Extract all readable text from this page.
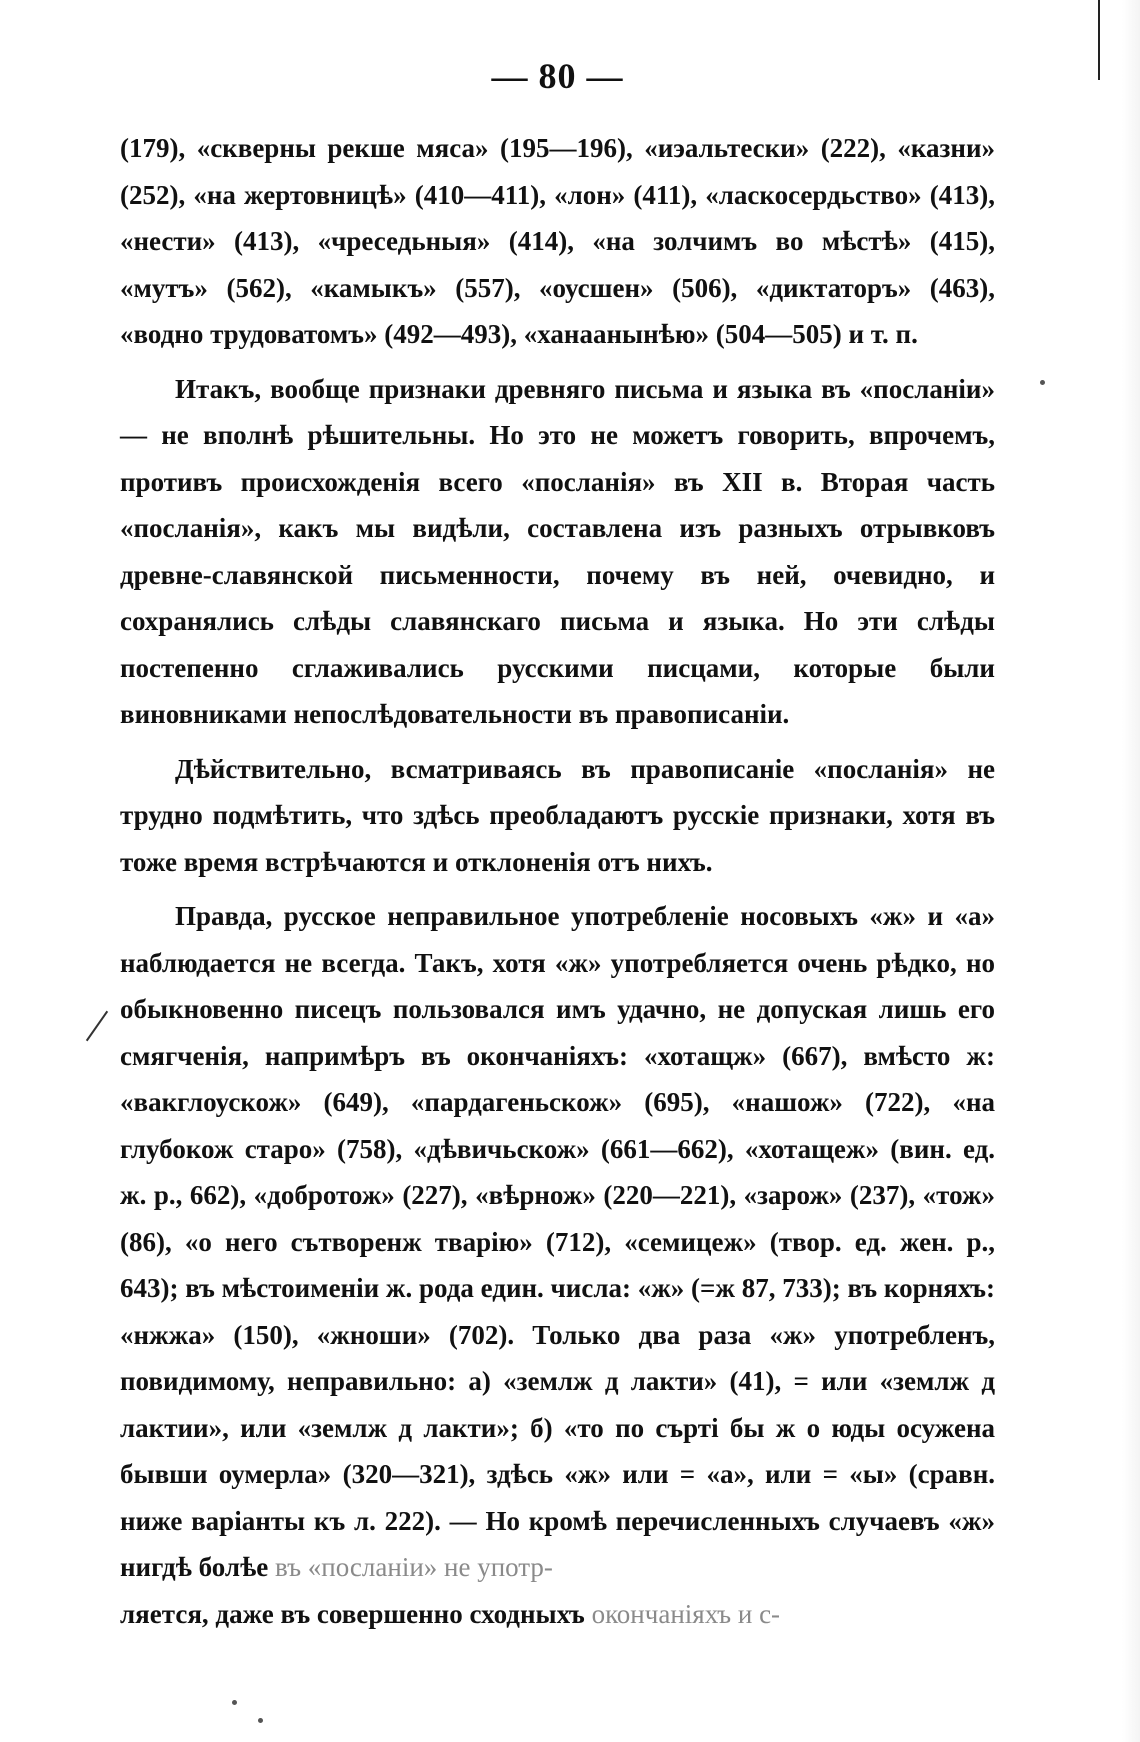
— 80 —

(179), «скверны рекше мяса» (195—196), «иэальтески» (222), «казни» (252), «на жертовницѣ» (410—411), «лон» (411), «ласкосердьство» (413), «нести» (413), «чреседьныя» (414), «на золчимъ во мѣстѣ» (415), «мутъ» (562), «камыкъ» (557), «оусшен» (506), «диктаторъ» (463), «водно трудоватомъ» (492—493), «ханаанынѣю» (504—505) и т. п.

Итакъ, вообще признаки древняго письма и языка въ «посланіи» — не вполнѣ рѣшительны. Но это не можетъ говорить, впрочемъ, противъ происхожденія всего «посланія» въ XII в. Вторая часть «посланія», какъ мы видѣли, составлена изъ разныхъ отрывковъ древне-славянской письменности, почему въ ней, очевидно, и сохранялись слѣды славянскаго письма и языка. Но эти слѣды постепенно сглаживались русскими писцами, которые были виновниками непослѣдовательности въ правописаніи.

Дѣйствительно, всматриваясь въ правописаніе «посланія» не трудно подмѣтить, что здѣсь преобладаютъ русскіе признаки, хотя въ тоже время встрѣчаются и отклоненія отъ нихъ.

Правда, русское неправильное употребленіе носовыхъ «ж» и «а» наблюдается не всегда. Такъ, хотя «ж» употребляется очень рѣдко, но обыкновенно писецъ пользовался имъ удачно, не допуская лишь его смягченія, напримѣръ въ окончаніяхъ: «хотащж» (667), вмѣсто ж: «вакглоускож» (649), «пардагеньскож» (695), «нашож» (722), «на глубокож старо» (758), «дѣвичьскож» (661—662), «хотащеж» (вин. ед. ж. р., 662), «добротож» (227), «вѣрнож» (220—221), «зарож» (237), «тож» (86), «о него сътворенж тварію» (712), «семицеж» (твор. ед. жен. р., 643); въ мѣстоименіи ж. рода един. числа: «ж» (=ж 87, 733); въ корняхъ: «нжжа» (150), «жноши» (702). Только два раза «ж» употребленъ, повидимому, неправильно: а) «землж д лакти» (41), = или «землж д лактии», или «землж д лакти»; б) «то по сърті бы ж о юды осужена бывши оумерла» (320—321), здѣсь «ж» или = «а», или = «ы» (сравн. ниже варіанты къ л. 222). — Но кромѣ перечисленныхъ случаевъ «ж» нигдѣ болѣе въ «посланіи» не употр-

ляется, даже въ совершенно сходныхъ окончаніяхъ и с-
